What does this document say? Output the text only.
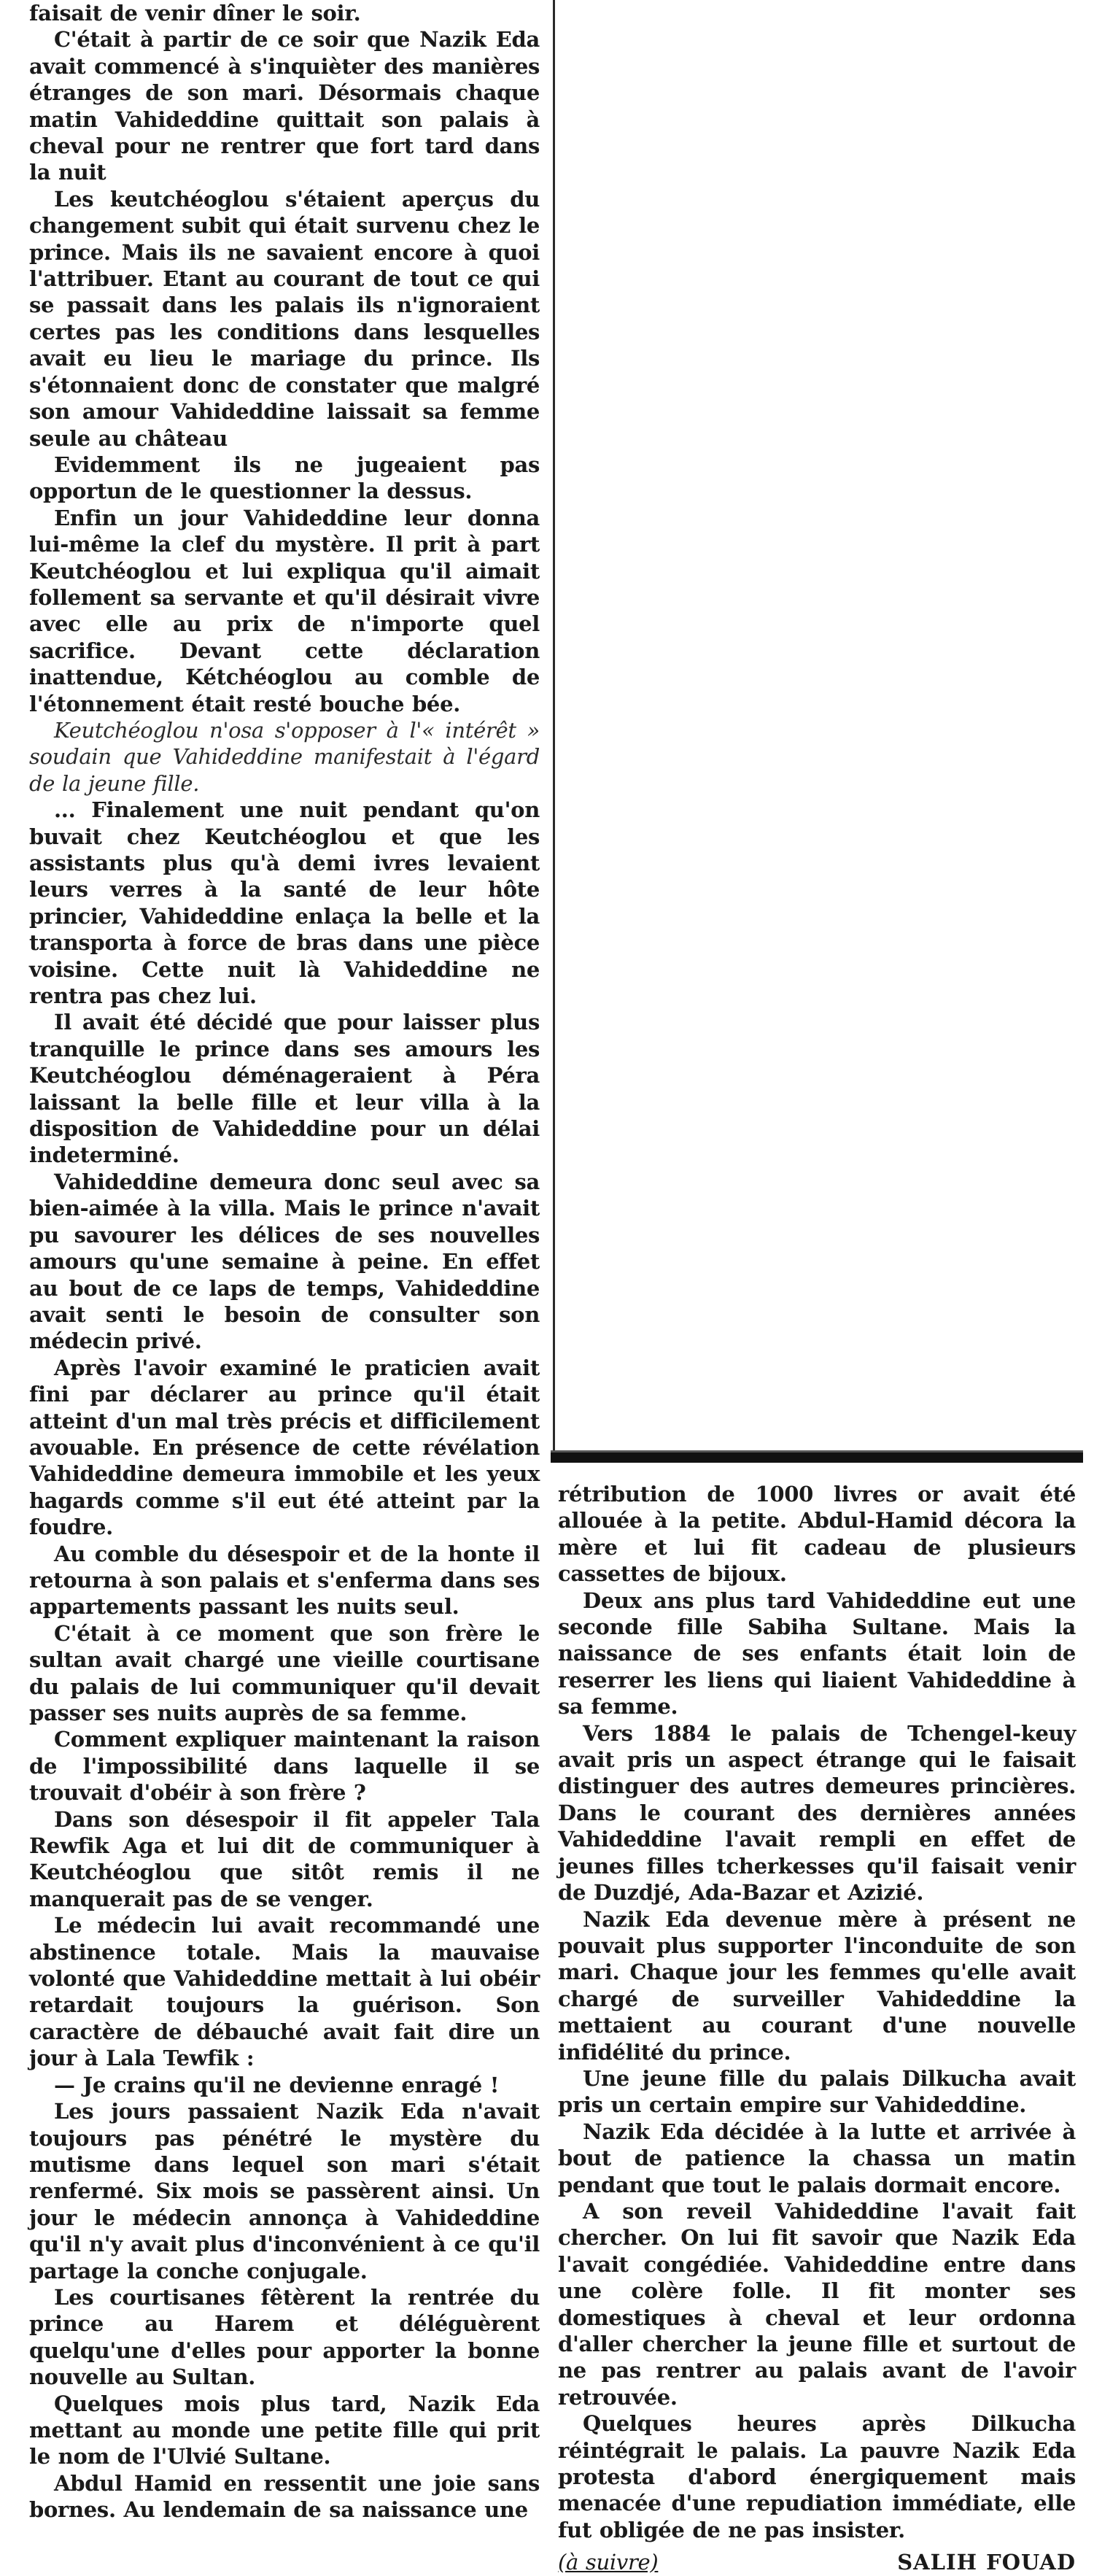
faisait de venir dîner le soir.

C'était à partir de ce soir que Nazik Eda avait commencé à s'inquièter des manières étranges de son mari. Désormais chaque matin Vahideddine quittait son palais à cheval pour ne rentrer que fort tard dans la nuit

Les keutchéoglou s'étaient aperçus du changement subit qui était survenu chez le prince. Mais ils ne savaient encore à quoi l'attribuer. Etant au courant de tout ce qui se passait dans les palais ils n'ignoraient certes pas les conditions dans lesquelles avait eu lieu le mariage du prince. Ils s'étonnaient donc de constater que malgré son amour Vahideddine laissait sa femme seule au château

Evidemment ils ne jugeaient pas opportun de le questionner la dessus.

Enfin un jour Vahideddine leur donna lui-même la clef du mystère. Il prit à part Keutchéoglou et lui expliqua qu'il aimait follement sa servante et qu'il désirait vivre avec elle au prix de n'importe quel sacrifice. Devant cette déclaration inattendue, Kétchéoglou au comble de l'étonnement était resté bouche bée.

Keutchéoglou n'osa s'opposer à l'« intérêt » soudain que Vahideddine manifestait à l'égard de la jeune fille.

... Finalement une nuit pendant qu'on buvait chez Keutchéoglou et que les assistants plus qu'à demi ivres levaient leurs verres à la santé de leur hôte princier, Vahideddine enlaça la belle et la transporta à force de bras dans une pièce voisine. Cette nuit là Vahideddine ne rentra pas chez lui.

Il avait été décidé que pour laisser plus tranquille le prince dans ses amours les Keutchéoglou déménageraient à Péra laissant la belle fille et leur villa à la disposition de Vahideddine pour un délai indeterminé.

Vahideddine demeura donc seul avec sa bien-aimée à la villa. Mais le prince n'avait pu savourer les délices de ses nouvelles amours qu'une semaine à peine. En effet au bout de ce laps de temps, Vahideddine avait senti le besoin de consulter son médecin privé.

Après l'avoir examiné le praticien avait fini par déclarer au prince qu'il était atteint d'un mal très précis et difficilement avouable. En présence de cette révélation Vahideddine demeura immobile et les yeux hagards comme s'il eut été atteint par la foudre.

Au comble du désespoir et de la honte il retourna à son palais et s'enferma dans ses appartements passant les nuits seul.

C'était à ce moment que son frère le sultan avait chargé une vieille courtisane du palais de lui communiquer qu'il devait passer ses nuits auprès de sa femme.

Comment expliquer maintenant la raison de l'impossibilité dans laquelle il se trouvait d'obéir à son frère ?

Dans son désespoir il fit appeler Tala Rewfik Aga et lui dit de communiquer à Keutchéoglou que sitôt remis il ne manquerait pas de se venger.

Le médecin lui avait recommandé une abstinence totale. Mais la mauvaise volonté que Vahideddine mettait à lui obéir retardait toujours la guérison. Son caractère de débauché avait fait dire un jour à Lala Tewfik :

— Je crains qu'il ne devienne enragé !

Les jours passaient Nazik Eda n'avait toujours pas pénétré le mystère du mutisme dans lequel son mari s'était renfermé. Six mois se passèrent ainsi. Un jour le médecin annonça à Vahideddine qu'il n'y avait plus d'inconvénient à ce qu'il partage la conche conjugale.

Les courtisanes fêtèrent la rentrée du prince au Harem et déléguèrent quelqu'une d'elles pour apporter la bonne nouvelle au Sultan.

Quelques mois plus tard, Nazik Eda mettant au monde une petite fille qui prit le nom de l'Ulvié Sultane.

Abdul Hamid en ressentit une joie sans bornes. Au lendemain de sa naissance une

rétribution de 1000 livres or avait été allouée à la petite. Abdul-Hamid décora la mère et lui fit cadeau de plusieurs cassettes de bijoux.

Deux ans plus tard Vahideddine eut une seconde fille Sabiha Sultane. Mais la naissance de ses enfants était loin de reserrer les liens qui liaient Vahideddine à sa femme.

Vers 1884 le palais de Tchengel-keuy avait pris un aspect étrange qui le faisait distinguer des autres demeures princières. Dans le courant des dernières années Vahideddine l'avait rempli en effet de jeunes filles tcherkesses qu'il faisait venir de Duzdjé, Ada-Bazar et Azizié.

Nazik Eda devenue mère à présent ne pouvait plus supporter l'inconduite de son mari. Chaque jour les femmes qu'elle avait chargé de surveiller Vahideddine la mettaient au courant d'une nouvelle infidélité du prince.

Une jeune fille du palais Dilkucha avait pris un certain empire sur Vahideddine.

Nazik Eda décidée à la lutte et arrivée à bout de patience la chassa un matin pendant que tout le palais dormait encore.

A son reveil Vahideddine l'avait fait chercher. On lui fit savoir que Nazik Eda l'avait congédiée. Vahideddine entre dans une colère folle. Il fit monter ses domestiques à cheval et leur ordonna d'aller chercher la jeune fille et surtout de ne pas rentrer au palais avant de l'avoir retrouvée.

Quelques heures après Dilkucha réintégrait le palais. La pauvre Nazik Eda protesta d'abord énergiquement mais menacée d'une repudiation immédiate, elle fut obligée de ne pas insister.

(à suivre)	SALIH FOUAD
